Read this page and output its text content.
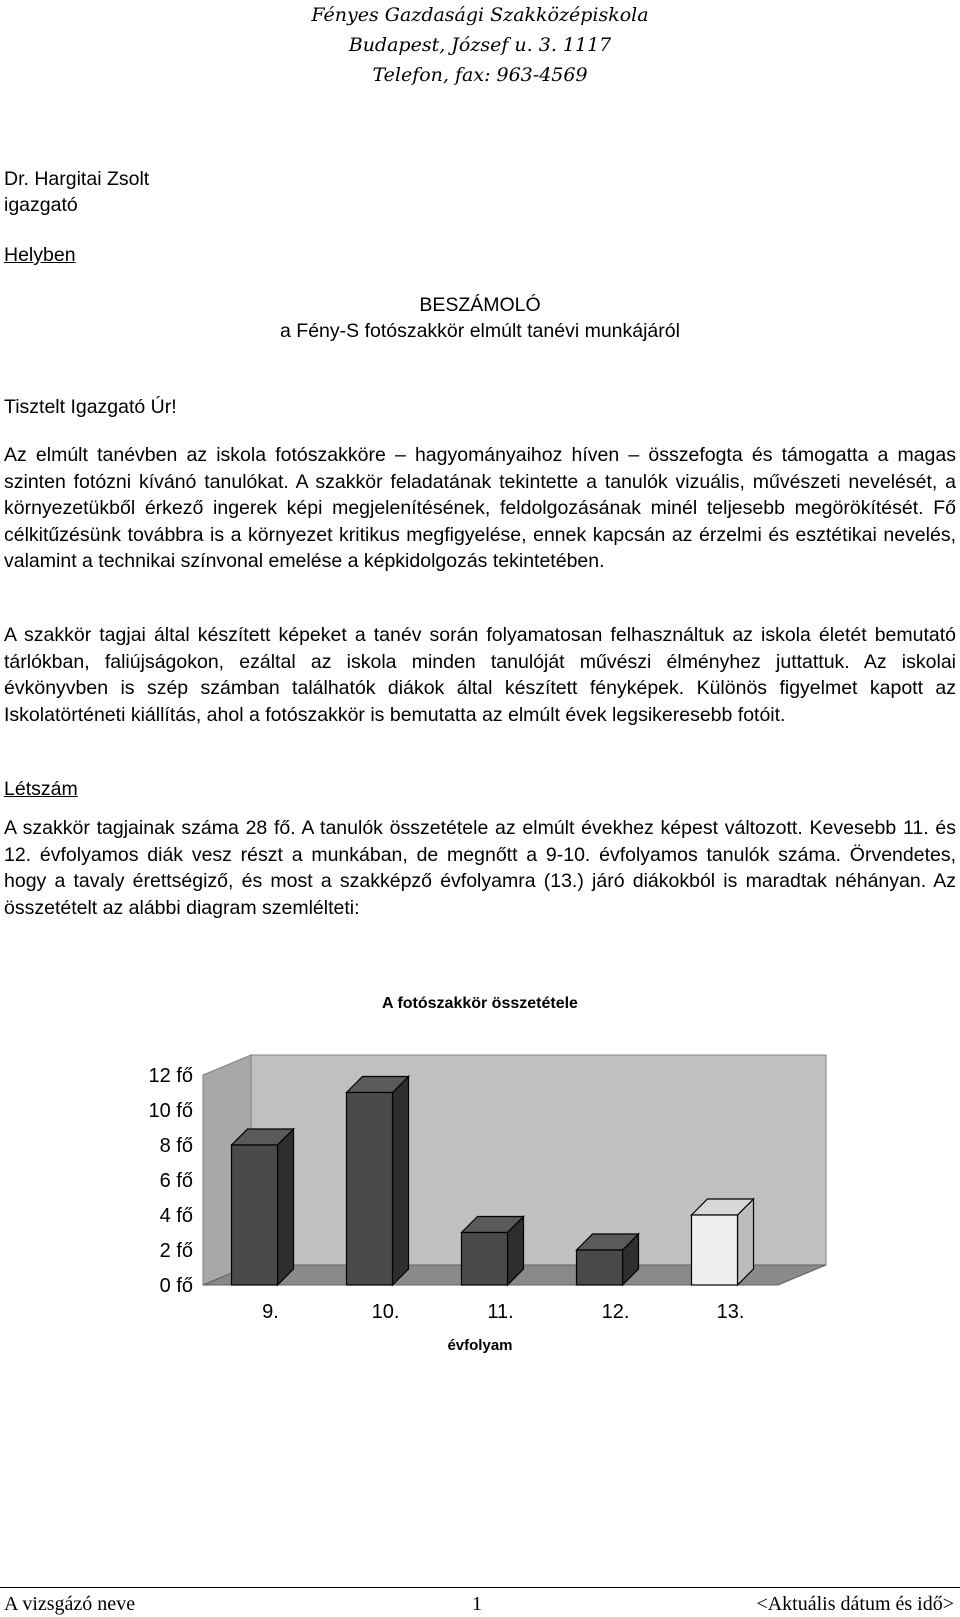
Fényes Gazdasági Szakközépiskola
Budapest, József u. 3. 1117
Telefon, fax: 963-4569
Dr. Hargitai Zsolt
igazgató
Helyben
BESZÁMOLÓ
a Fény-S fotószakkör elmúlt tanévi munkájáról
Tisztelt Igazgató Úr!
Az elmúlt tanévben az iskola fotószakköre – hagyományaihoz híven – összefogta és támogatta a magas szinten fotózni kívánó tanulókat. A szakkör feladatának tekintette a tanulók vizuális, művészeti nevelését, a környezetükből érkező ingerek képi megjelenítésének, feldolgozásának minél teljesebb megörökítését. Fő célkitűzésünk továbbra is a környezet kritikus megfigyelése, ennek kapcsán az érzelmi és esztétikai nevelés, valamint a technikai színvonal emelése a képkidolgozás tekintetében.
A szakkör tagjai által készített képeket a tanév során folyamatosan felhasználtuk az iskola életét bemutató tárlókban, faliújságokon, ezáltal az iskola minden tanulóját művészi élményhez juttattuk. Az iskolai évkönyvben is szép számban találhatók diákok által készített fényképek. Különös figyelmet kapott az Iskolatörténeti kiállítás, ahol a fotószakkör is bemutatta az elmúlt évek legsikeresebb fotóit.
Létszám
A szakkör tagjainak száma 28 fő. A tanulók összetétele az elmúlt évekhez képest változott. Kevesebb 11. és 12. évfolyamos diák vesz részt a munkában, de megnőtt a 9-10. évfolyamos tanulók száma. Örvendetes, hogy a tavaly érettségiző, és most a szakképző évfolyamra (13.) járó diákokból is maradtak néhányan. Az összetételt az alábbi diagram szemlélteti:
A fotószakkör összetétele
0 fő
2 fő
4 fő
6 fő
8 fő
10 fő
12 fő
9.	10.	11.	12.	13.
évfolyam
A vizsgázó neve	1	<Aktuális dátum és idő>
